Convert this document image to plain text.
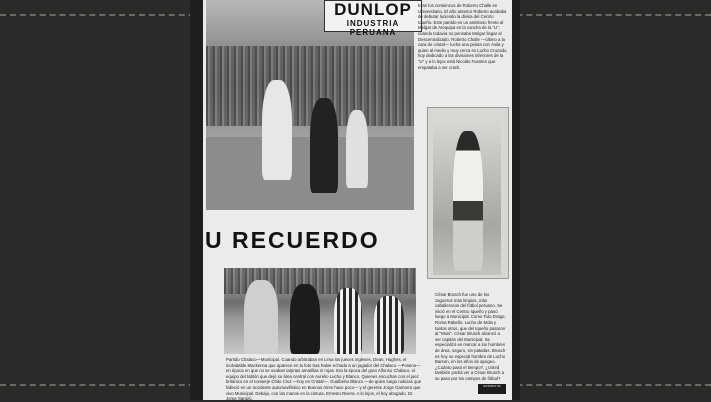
DUNLOP
INDUSTRIA PERUANA
Eran los comienzos de Roberto Challe en Universitario. El año anterior Roberto acababa de debutar luciendo la divisa del Centro Iqueño. Este partido es un amistoso frente al Melgar de Arequipa en la cancha de la "U", cuando todavía no pensaba Melgar llegar al Descentralizado. Roberto Challe —último a la cara de cristal— lucha una pelota con Ávila y quien al medio y muy cerca es Lucho Cruzado, hoy dedicado a las divisiones inferiores de la "U" y a lo lejos está Nicolás Fuentes que empataba a ser crack.
U RECUERDO
Partido Chalaco—Municipal. Cuando arbitraban en Lima los jueces ingleses, Dean, Hughes, el inolvidable Mackenna que aparece en la foto tras haber echado a un jugador del Chalaco —Poseno— en época en que no se usaban tarjetas amarillas ni rojas. Era la época del gran Alfonso Chalaco, el equipo del tablón que dejó su área central con Aurelio Lucho y Blanco. Quienes escuchan con el juez británico en el conserje Chito Cruz —hoy en Cristal—. Gualberto Blanco —de quien luego noticias que falleció en un accidente automovilístico en Buenos Aires hace poco— y el gerente Jorge Gamarra que vivo Municipal. Debajo, con las manos en la cintura, Ernesto Rivera. A lo lejos, el hoy abogado, Dr. Jorge Sarazú.
César Brusch fue uno de los zagueros más limpios, más caballerosos del fútbol peruano. Se inició en el Centro Iqueño y pasó luego a Municipal. Como Toto Drago, Roma Rabello, Lucho de Mola y tantos otros, que del Iqueño pasaron al "Muni". César Brusch alcanzó a ser capitán del Municipal. Se especializó en marcar a los hombres de área, seguro, sin patadas. Brusch es hoy su especial hombre de Lucho Barson, en los años de apogeo. ¿Cuánto pasó el tiempo?, ¿Usted también podrá ver a César Brusch a su paso por los campos de fútbol?
ESTADIO 53
